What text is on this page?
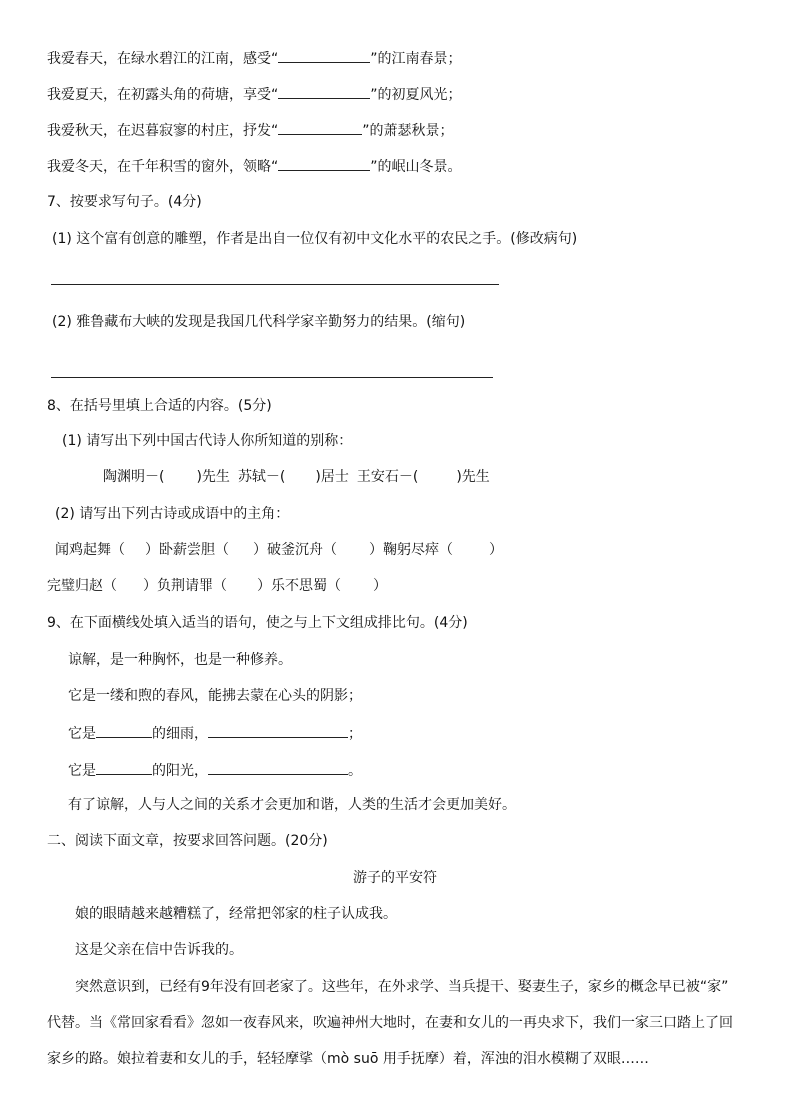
我爱春天，在绿水碧江的江南，感受“	”的江南春景；
我爱夏天，在初露头角的荷塘，享受“	”的初夏风光；
我爱秋天，在迟暮寂寥的村庄，抒发“	”的萧瑟秋景；
我爱冬天，在千年积雪的窗外，领略“	”的岷山冬景。
7、按要求写句子。(4分)
(1) 这个富有创意的雕塑，作者是出自一位仅有初中文化水平的农民之手。(修改病句)
(2) 雅鲁藏布大峡的发现是我国几代科学家辛勤努力的结果。(缩句)
8、在括号里填上合适的内容。(5分)
(1) 请写出下列中国古代诗人你所知道的别称：
陶渊明－( )先生 苏轼－( )居士 王安石－(	)先生
(2) 请写出下列古诗或成语中的主角：
闻鸡起舞（ ）卧薪尝胆（ ）破釜沉舟（ ）鞠躬尽瘁（	）
完璧归赵（ ）负荆请罪（ ）乐不思蜀（ ）
9、在下面横线处填入适当的语句，使之与上下文组成排比句。(4分)
谅解，是一种胸怀，也是一种修养。
它是一缕和煦的春风，能拂去蒙在心头的阴影；
它是	的细雨，	；
它是	的阳光，	。
有了谅解，人与人之间的关系才会更加和谐，人类的生活才会更加美好。
二、阅读下面文章，按要求回答问题。(20分)
游子的平安符
娘的眼睛越来越糟糕了，经常把邻家的柱子认成我。
这是父亲在信中告诉我的。
突然意识到，已经有9年没有回老家了。这些年，在外求学、当兵提干、娶妻生子，家乡的概念早已被“家”
代替。当《常回家看看》忽如一夜春风来，吹遍神州大地时，在妻和女儿的一再央求下，我们一家三口踏上了回
家乡的路。娘拉着妻和女儿的手，轻轻摩挲（mò suō 用手抚摩）着，浑浊的泪水模糊了双眼……
